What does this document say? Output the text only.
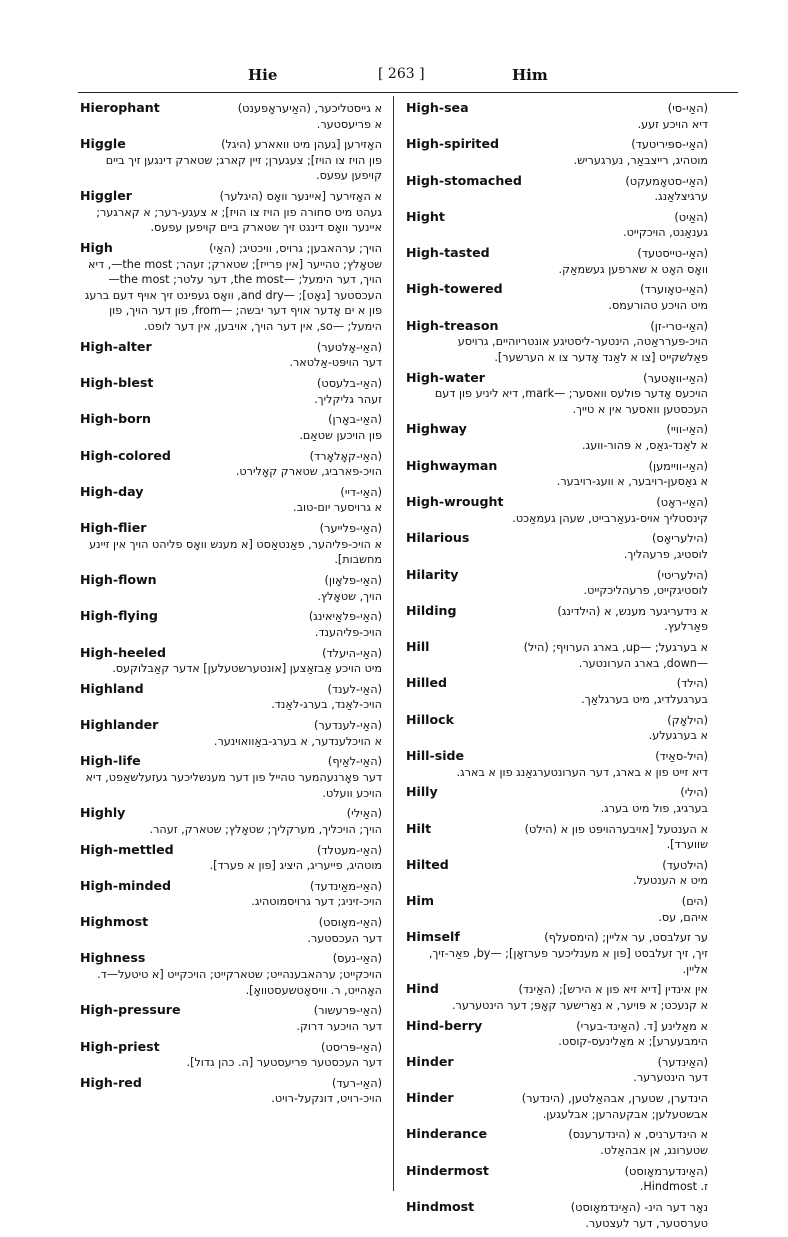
Hie	[ 263 ]	Him
Hierophant	א גייסטליכער, (האַיעראָפענט)
א פריעסטער.
Higgle	האָזירען [געהן מיט וואארע (היגל)
פון הויז צו הויז]; צעגערן; זיין קארג; שטארק דינגען זיך ביים קויפען עפעס.
Higgler	א האָזירער [איינער וואָס (היגלער)
געהט מיט סחורה פון הויז צו הויז]; א צעגע-רער; א קארגער; איינער וואָס דינגט זיך שטארק ביים קויפען עפעס.
High	הויך; ערהאבען; גרויס, וויכטיג; (האַי)
שטאָלץ; טהייער [אין פרייז]; שטארק; זעהר; the most—, דיא הויך, דער הימעל; —the most, דער עלטר; the most— העכסטער [גאָט]; —and dry, וואָס געפינט זיך אויף דעם ברעג פון א ים אָדער אויף דער יבשה; —from, פון דער הויך, פון הימעל; —so, אין דער הויך, אויבען, אין דער לופט.
High-alter	(האַי-אָלטער)
דער הויפּט-אַלטאר.
High-blest	(האַי-בלעסט)
זעהר גליקליך.
High-born	(האַי-באָרן)
פון הויכען שטאַם.
High-colored	(האַי-קאָלאָרד)
הויכ-פארביג, שטארק קאָלירט.
High-day	(האַי-דיי)
א גרויסער יום-טוב.
High-flier	(האַי-פלייער)
א הויכ-פליהער, פאַנטאַסט [א מענש וואָס פליהט הויך אין זיינע מחשבות].
High-flown	(האַי-פלאָון)
הויך, שטאָלץ.
High-flying	(האַי-פלאַיאינג)
הויכ-פליהענד.
High-heeled	(האַי-היעלד)
מיט הויכע אַבזאַצען [אונטערשטעלען] אדער קאַבלוקעס.
Highland	(האַי-לענד)
הויכ-לאַנד, בערג-לאַנד.
Highlander	(האַי-לענדער)
א הויכלענדער, א בערג-באַוואוינער.
High-life	(האַי-לאַיף)
דער פאָרנעהמער טהייל פון דער מענשליכער געזעלשאַפט, דיא הויכע וועלט.
Highly	(האַילי)
הויך; הויכליך, מערקליך; שטאָלץ; שטארק, זעהר.
High-mettled	(האַי-מעטלד)
מוטהיג, פייעריג, היציג [פון א פערד].
High-minded	(האַי-מאַינדעד)
הויכ-זיניג; דער גרויסמוטהיג.
Highmost	(האַי-מאָוסט)
דער העכסטער.
Highness	(האַי-נעס)
הויכקייט; ערהאבענהייט; שטארקייט; הויכקייט [א טיטעל—ד. האָהייט, ר. וויסאָטשעסטוואָ].
High-pressure	(האַי-פּרעשור)
דער הויכער דרוק.
High-priest	(האַי-פּריסט)
דער העכסטער פריעסטער [ה. כהן גדול].
High-red	(האַי-רעד)
הויכ-רויט, דונקעל-רויט.
High-sea	(האַי-סי)
דיא הויכע זעע.
High-spirited	(האַי-ספּיריטעד)
מוטהיג, רייצבאַר, נערגעריש.
High-stomached	(האַי-סטאָמעקט)
ערגיצלאַנג.
Hight	(האַיט)
גענאַנט, הויכקייט.
High-tasted	(האַי-טייסטעד)
וואָס האָט א שארפען געשמאַק.
High-towered	(האַי-טאָוערד)
מיט הויכע טהורעמס.
High-treason	(האַי-טרי-זן)
הויכ-פערראַטה, הינטער-ליסטיגע אונטריוהיים, גרויסע פאַלשקייט [צו א לאַנד אָדער צו א הערשער].
High-water	(האַי-וואָטער)
הויכעס אָדער פולעס וואסער; —mark, דיא ליניע פון דעם העכסטען וואסער אין א טייך.
Highway	(האַי-וויי)
א לאַנד-גאַס, א פּהור-וועג.
Highwayman	(האַי-וויימען)
א גאַסען-רויבער, א וועג-רויבער.
High-wrought	(האַי-ראָט)
קינסטליך אויס-געאַרבייט, שעהן געמאַכט.
Hilarious	(הילעריאָס)
לוסטיג, פרעהליך.
Hilarity	(הילעריטי)
לוסטיגקייט, פרעהליכקייט.
Hilding	א נידעריגער מענש, א (הילדינג)
פאַרלעץ.
Hill	א בערגעל; —up, בארג הערויף; (היל)
—down, בארג הערונטער.
Hilled	(הילד)
בערגעלדיג, מיט בערגלאַך.
Hillock	(הילאָק)
א בערגעלע.
Hill-side	(היל-סאַיד)
דיא זייט פון א בארג, דער הערונטערגאַנג פון א בארג.
Hilly	(הילי)
בערגיג, פול מיט בערג.
Hilt	א הענטעל [אויבערהויפּט פון א (הילט)
שווערד].
Hilted	(הילטעד)
מיט א הענטעל.
Him	(הים)
איהם, עס.
Himself	ער זעלבסט, ער אליין; (הימסעלף)
זיך, זיך זעלבסט [פון א מענליכער פערזאָן]; —by, פאַר-זיך, אליין.
Hind	אין אינדין [דיא זיא פון א הירש]; (האַינד)
א קנעכט; א פּויער, א נאַרישער קאָפּ; דער הינטערער.
Hind-berry	א מאַלינע [ד. (האַינד-בערי)
הימבעערע]; א מאַלינעס-קוסט.
Hinder	(האַינדער)
דער הינטערער.
Hinder	הינדערן, שטערן, אבהאַלטען, (הינדער)
אבשטעלען; אבקעהרען; אבלעגען.
Hinderance	א הינדערניס, א (הינדערענס)
שטערונג, אן אבהאַלט.
Hindermost	(האַינדערמאָוסט)
ז. Hindmost.
Hindmost	נאָר דער הינ- (האַינדמאָוסט)
טערסטער, דער לעצטער.
